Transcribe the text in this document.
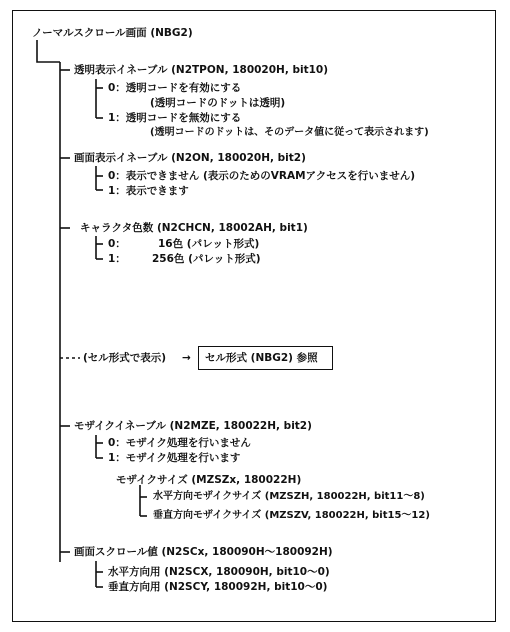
ノーマルスクロール画面 (NBG2)
透明表示イネーブル (N2TPON, 180020H, bit10)
0：透明コードを有効にする
(透明コードのドットは透明)
1：透明コードを無効にする
(透明コードのドットは、そのデータ値に従って表示されます)
画面表示イネーブル (N2ON, 180020H, bit2)
0：表示できません (表示のためのVRAMアクセスを行いません)
1：表示できます
キャラクタ色数 (N2CHCN, 18002AH, bit1)
0：	16色 (パレット形式)
1： 256色 (パレット形式)
(セル形式で表示) → セル形式 (NBG2) 参照
モザイクイネーブル (N2MZE, 180022H, bit2)
0：モザイク処理を行いません
1：モザイク処理を行います
モザイクサイズ (MZSZx, 180022H)
水平方向モザイクサイズ (MZSZH, 180022H, bit11〜8)
垂直方向モザイクサイズ (MZSZV, 180022H, bit15〜12)
画面スクロール値 (N2SCx, 180090H〜180092H)
水平方向用 (N2SCX, 180090H, bit10〜0)
垂直方向用 (N2SCY, 180092H, bit10〜0)
